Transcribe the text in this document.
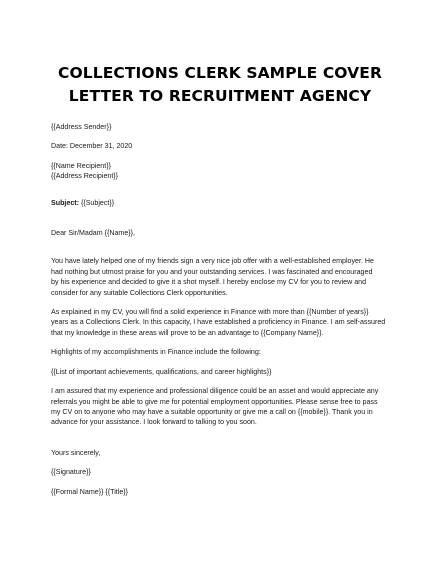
COLLECTIONS CLERK SAMPLE COVER
LETTER TO RECRUITMENT AGENCY
{{Address Sender}}
Date: December 31, 2020
{{Name Recipient}}
{{Address Recipient}}
Subject: {{Subject}}
Dear Sir/Madam {{Name}},
You have lately helped one of my friends sign a very nice job offer with a well-established employer. He
had nothing but utmost praise for you and your outstanding services. I was fascinated and encouraged
by his experience and decided to give it a shot myself. I hereby enclose my CV for you to review and
consider for any suitable Collections Clerk opportunities.
As explained in my CV, you will find a solid experience in Finance with more than {{Number of years}}
years as a Collections Clerk. In this capacity, I have established a proficiency in Finance. I am self-assured
that my knowledge in these areas will prove to be an advantage to {{Company Name}}.
Highlights of my accomplishments in Finance include the following:
{{List of important achievements, qualifications, and career highlights}}
I am assured that my experience and professional diligence could be an asset and would appreciate any
referrals you might be able to give me for potential employment opportunities. Please sense free to pass
my CV on to anyone who may have a suitable opportunity or give me a call on {{mobile}}. Thank you in
advance for your assistance. I look forward to talking to you soon.
Yours sincerely,
{{Signature}}
{{Formal Name}} {{Title}}
